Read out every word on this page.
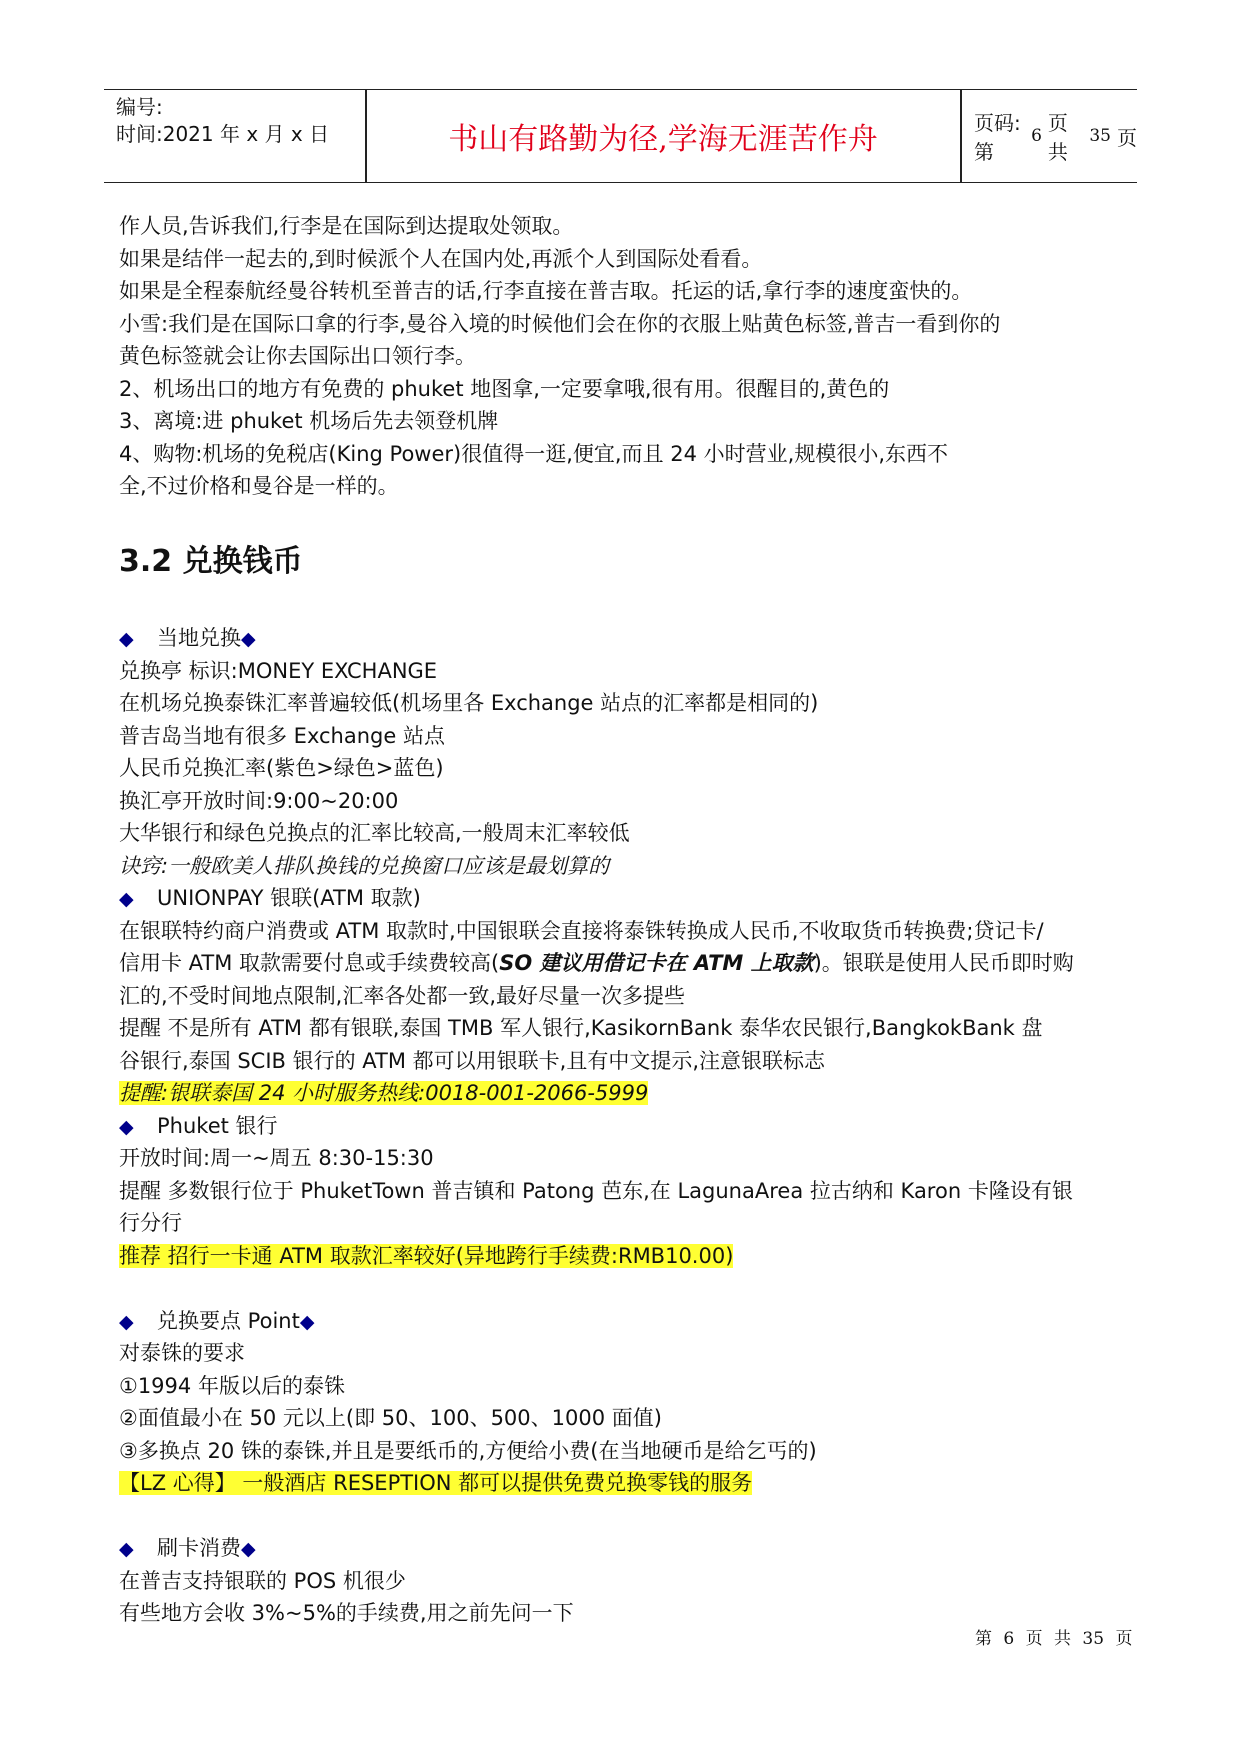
编号:
时间:2021 年 x 月 x 日	书山有路勤为径,学海无涯苦作舟	页码:第
6
页 共
35 页
作人员,告诉我们,行李是在国际到达提取处领取。
如果是结伴一起去的,到时候派个人在国内处,再派个人到国际处看看。
如果是全程泰航经曼谷转机至普吉的话,行李直接在普吉取。托运的话,拿行李的速度蛮快的。
小雪:我们是在国际口拿的行李,曼谷入境的时候他们会在你的衣服上贴黄色标签,普吉一看到你的
黄色标签就会让你去国际出口领行李。
2、机场出口的地方有免费的 phuket 地图拿,一定要拿哦,很有用。很醒目的,黄色的
3、离境:进 phuket 机场后先去领登机牌
4、购物:机场的免税店(King Power)很值得一逛,便宜,而且 24 小时营业,规模很小,东西不
全,不过价格和曼谷是一样的。
3.2 兑换钱币
◆ 当地兑换◆
兑换亭 标识:MONEY EXCHANGE
在机场兑换泰铢汇率普遍较低(机场里各 Exchange 站点的汇率都是相同的)
普吉岛当地有很多 Exchange 站点
人民币兑换汇率(紫色>绿色>蓝色)
换汇亭开放时间:9:00~20:00
大华银行和绿色兑换点的汇率比较高,一般周末汇率较低
诀窍:一般欧美人排队换钱的兑换窗口应该是最划算的
◆ UNIONPAY 银联(ATM 取款)
在银联特约商户消费或 ATM 取款时,中国银联会直接将泰铢转换成人民币,不收取货币转换费;贷记卡/
信用卡 ATM 取款需要付息或手续费较高(SO 建议用借记卡在 ATM 上取款)。银联是使用人民币即时购
汇的,不受时间地点限制,汇率各处都一致,最好尽量一次多提些
提醒 不是所有 ATM 都有银联,泰国 TMB 军人银行,KasikornBank 泰华农民银行,BangkokBank 盘
谷银行,泰国 SCIB 银行的 ATM 都可以用银联卡,且有中文提示,注意银联标志
提醒:银联泰国 24 小时服务热线:0018-001-2066-5999
◆ Phuket 银行
开放时间:周一~周五 8:30-15:30
提醒 多数银行位于 PhuketTown 普吉镇和 Patong 芭东,在 LagunaArea 拉古纳和 Karon 卡隆设有银
行分行
推荐 招行一卡通 ATM 取款汇率较好(异地跨行手续费:RMB10.00)
◆ 兑换要点 Point◆
对泰铢的要求
①1994 年版以后的泰铢
②面值最小在 50 元以上(即 50、100、500、1000 面值)
③多换点 20 铢的泰铢,并且是要纸币的,方便给小费(在当地硬币是给乞丐的)
【LZ 心得】 一般酒店 RESEPTION 都可以提供免费兑换零钱的服务
◆ 刷卡消费◆
在普吉支持银联的 POS 机很少
有些地方会收 3%~5%的手续费,用之前先问一下
第 6 页 共 35 页
